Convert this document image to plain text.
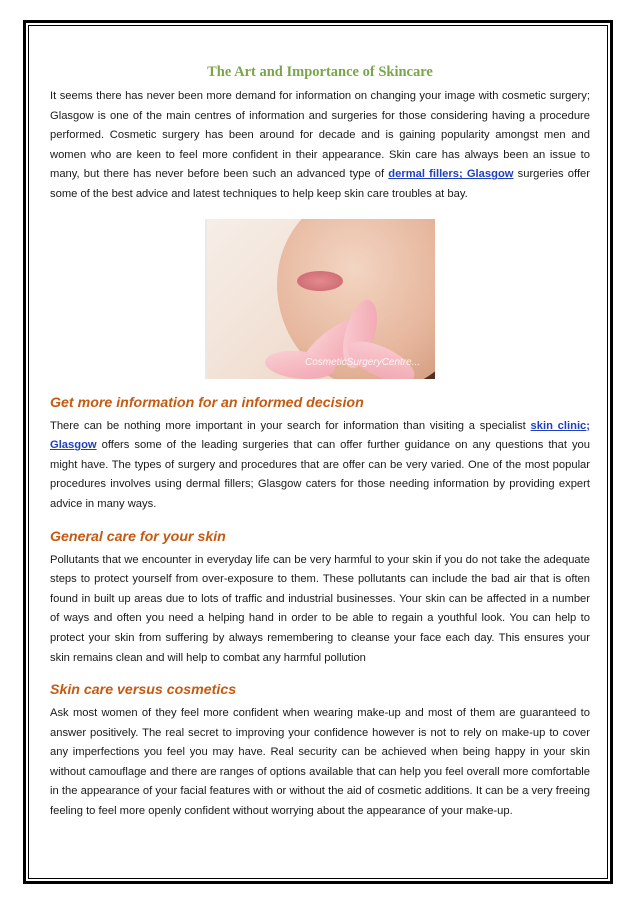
The Art and Importance of Skincare

It seems there has never been more demand for information on changing your image with cosmetic surgery; Glasgow is one of the main centres of information and surgeries for those considering having a procedure performed. Cosmetic surgery has been around for decade and is gaining popularity amongst men and women who are keen to feel more confident in their appearance. Skin care has always been an issue to many, but there has never before been such an advanced type of dermal fillers; Glasgow surgeries offer some of the best advice and latest techniques to help keep skin care troubles at bay.

CosmeticSurgeryCentre...
Get more information for an informed decision

There can be nothing more important in your search for information than visiting a specialist skin clinic; Glasgow offers some of the leading surgeries that can offer further guidance on any questions that you might have. The types of surgery and procedures that are offer can be very varied. One of the most popular procedures involves using dermal fillers; Glasgow caters for those needing information by providing expert advice in many ways.

General care for your skin

Pollutants that we encounter in everyday life can be very harmful to your skin if you do not take the adequate steps to protect yourself from over-exposure to them. These pollutants can include the bad air that is often found in built up areas due to lots of traffic and industrial businesses. Your skin can be affected in a number of ways and often you need a helping hand in order to be able to regain a youthful look. You can help to protect your skin from suffering by always remembering to cleanse your face each day. This ensures your skin remains clean and will help to combat any harmful pollution

Skin care versus cosmetics

Ask most women of they feel more confident when wearing make-up and most of them are guaranteed to answer positively. The real secret to improving your confidence however is not to rely on make-up to cover any imperfections you feel you may have. Real security can be achieved when being happy in your skin without camouflage and there are ranges of options available that can help you feel overall more comfortable in the appearance of your facial features with or without the aid of cosmetic additions. It can be a very freeing feeling to feel more openly confident without worrying about the appearance of your make-up.
